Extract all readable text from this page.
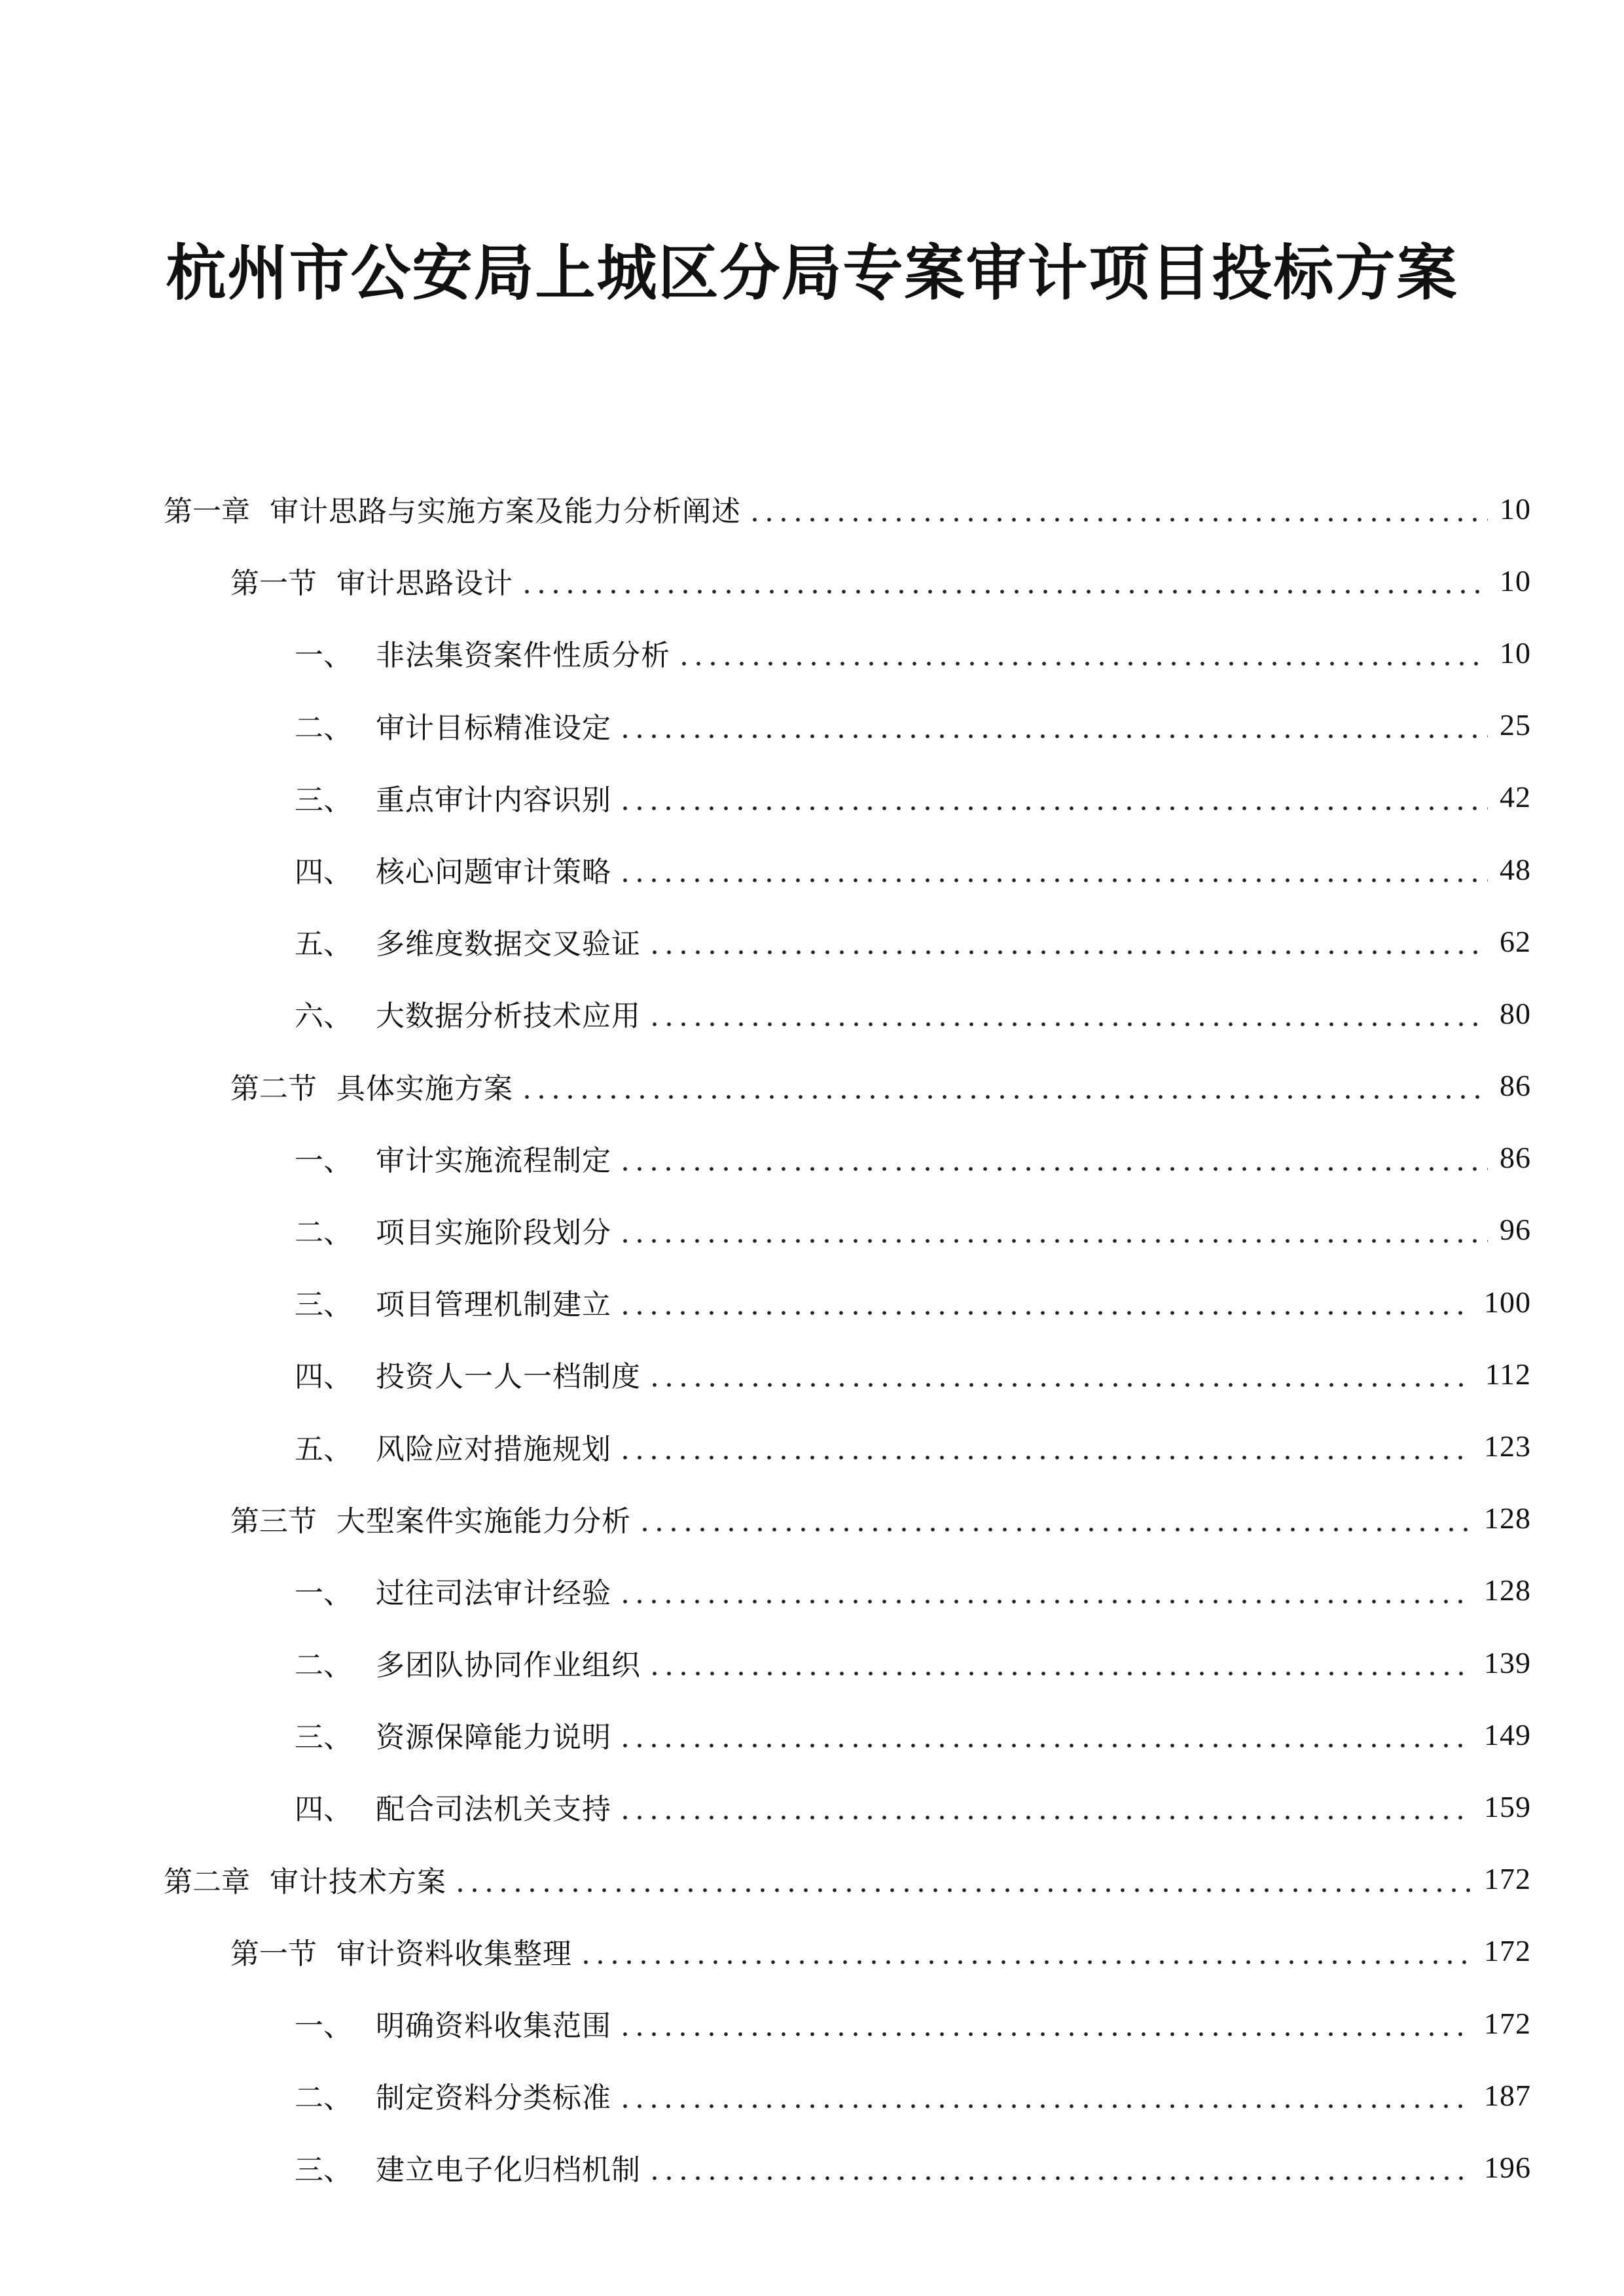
杭州市公安局上城区分局专案审计项目投标方案
第一章 审计思路与实施方案及能力分析阐述	10
第一节 审计思路设计	10
一、 非法集资案件性质分析	10
二、 审计目标精准设定	25
三、 重点审计内容识别	42
四、 核心问题审计策略	48
五、 多维度数据交叉验证	62
六、 大数据分析技术应用	80
第二节 具体实施方案	86
一、 审计实施流程制定	86
二、 项目实施阶段划分	96
三、 项目管理机制建立	100
四、 投资人一人一档制度	112
五、 风险应对措施规划	123
第三节 大型案件实施能力分析	128
一、 过往司法审计经验	128
二、 多团队协同作业组织	139
三、 资源保障能力说明	149
四、 配合司法机关支持	159
第二章 审计技术方案	172
第一节 审计资料收集整理	172
一、 明确资料收集范围	172
二、 制定资料分类标准	187
三、 建立电子化归档机制	196
